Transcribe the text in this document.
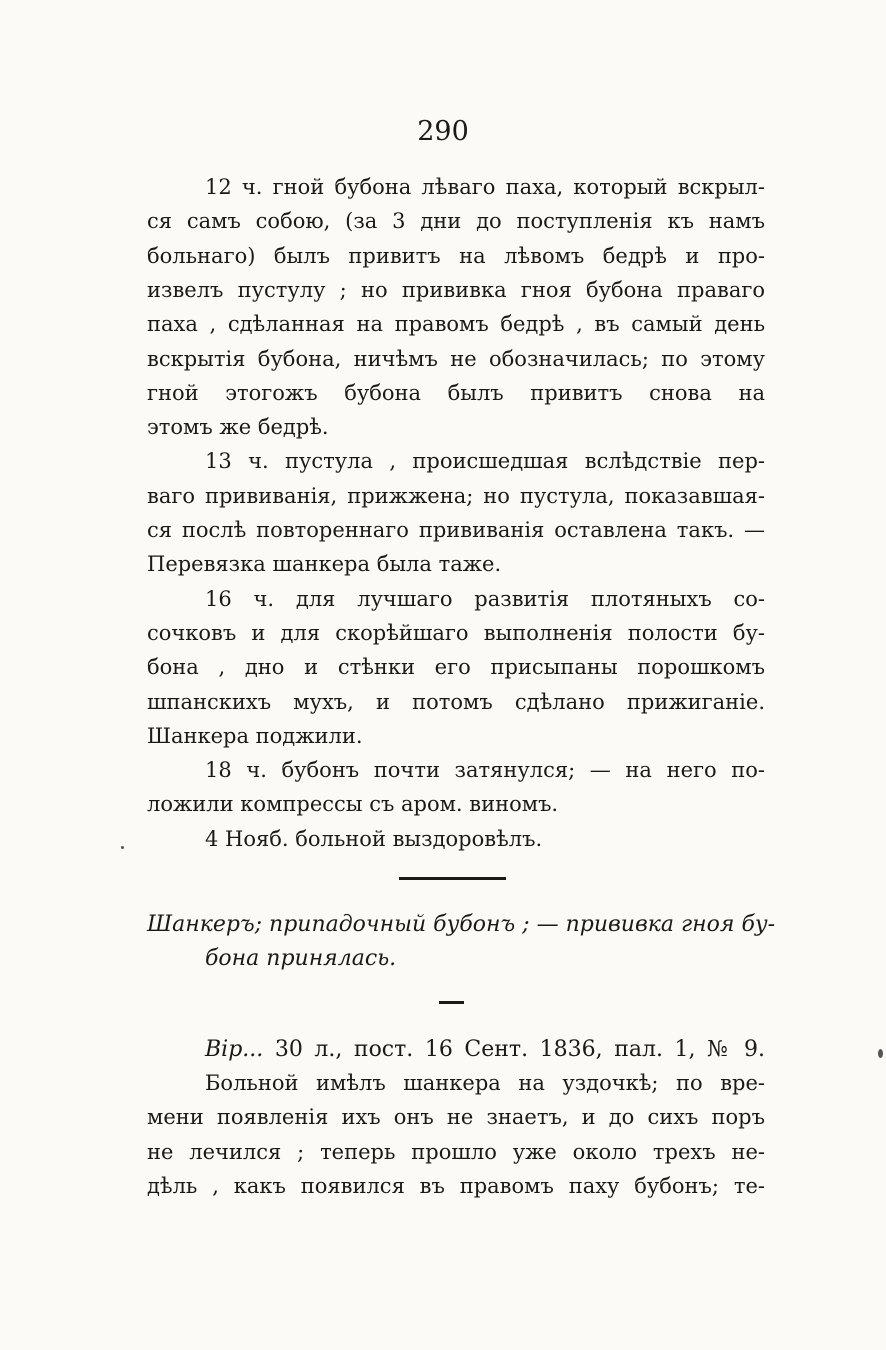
290
12 ч. гной бубона лѣваго паха, который вскрыл-
ся самъ собою, (за 3 дни до поступленія къ намъ
больнаго) былъ привитъ на лѣвомъ бедрѣ и про-
извелъ пустулу ; но прививка гноя бубона праваго
паха , сдѣланная на правомъ бедрѣ , въ самый день
вскрытія бубона, ничѣмъ не обозначилась; по этому
гной этогожъ бубона былъ привитъ снова на
этомъ же бедрѣ.
13 ч. пустула , происшедшая вслѣдствіе пер-
ваго прививанія, прижжена; но пустула, показавшая-
ся послѣ повтореннаго прививанія оставлена такъ. —
Перевязка шанкера была таже.
16 ч. для лучшаго развитія плотяныхъ со-
сочковъ и для скорѣйшаго выполненія полости бу-
бона , дно и стѣнки его присыпаны порошкомъ
шпанскихъ мухъ, и потомъ сдѣлано прижиганіе.
Шанкера поджили.
18 ч. бубонъ почти затянулся; — на него по-
ложили компрессы съ аром. виномъ.
4 Нояб. больной выздоровѣлъ.
Шанкеръ; припадочный бубонъ ; — прививка гноя бу-
бона принялась.
Вір... 30 л., пост. 16 Сент. 1836, пал. 1, № 9.
Больной имѣлъ шанкера на уздочкѣ; по вре-
мени появленія ихъ онъ не знаетъ, и до сихъ поръ
не лечился ; теперь прошло уже около трехъ не-
дѣль , какъ появился въ правомъ паху бубонъ; те-
